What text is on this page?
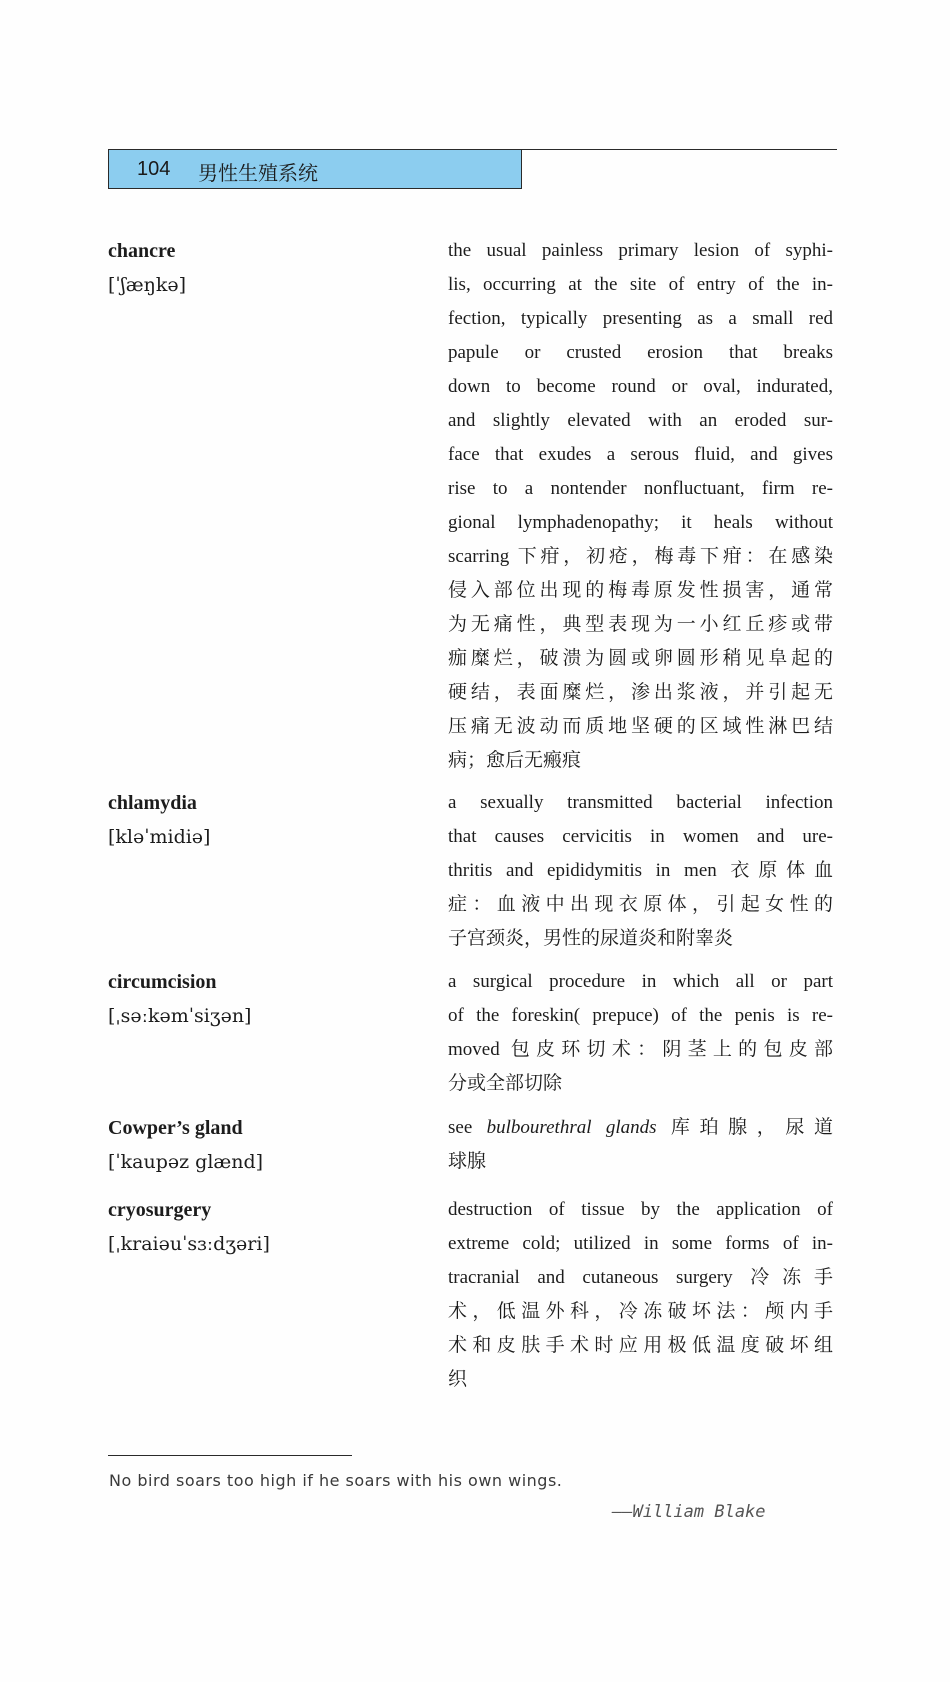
104 男性生殖系统
chancre
[ˈʃæŋkə]
the usual painless primary lesion of syphi-
lis, occurring at the site of entry of the in-
fection, typically presenting as a small red
papule or crusted erosion that breaks
down to become round or oval, indurated,
and slightly elevated with an eroded sur-
face that exudes a serous fluid, and gives
rise to a nontender nonfluctuant, firm re-
gional lymphadenopathy; it heals without
scarring 下疳，初疮，梅毒下疳：在感染
侵入部位出现的梅毒原发性损害，通常
为无痛性，典型表现为一小红丘疹或带
痂糜烂，破溃为圆或卵圆形稍见阜起的
硬结，表面糜烂，渗出浆液，并引起无
压痛无波动而质地坚硬的区域性淋巴结
病；愈后无瘢痕
chlamydia
[kləˈmidiə]
a sexually transmitted bacterial infection
that causes cervicitis in women and ure-
thritis and epididymitis in men 衣原体血
症：血液中出现衣原体，引起女性的
子宫颈炎，男性的尿道炎和附睾炎
circumcision
[ˌsəːkəmˈsiʒən]
a surgical procedure in which all or part
of the foreskin( prepuce) of the penis is re-
moved 包皮环切术：阴茎上的包皮部
分或全部切除
Cowper’s gland
[ˈkaupəz glænd]
see bulbourethral glands 库珀腺，尿道
球腺
cryosurgery
[ˌkraiəuˈsɜːdʒəri]
destruction of tissue by the application of
extreme cold; utilized in some forms of in-
tracranial and cutaneous surgery 冷冻手
术，低温外科，冷冻破坏法：颅内手
术和皮肤手术时应用极低温度破坏组
织
No bird soars too high if he soars with his own wings.
——William Blake
